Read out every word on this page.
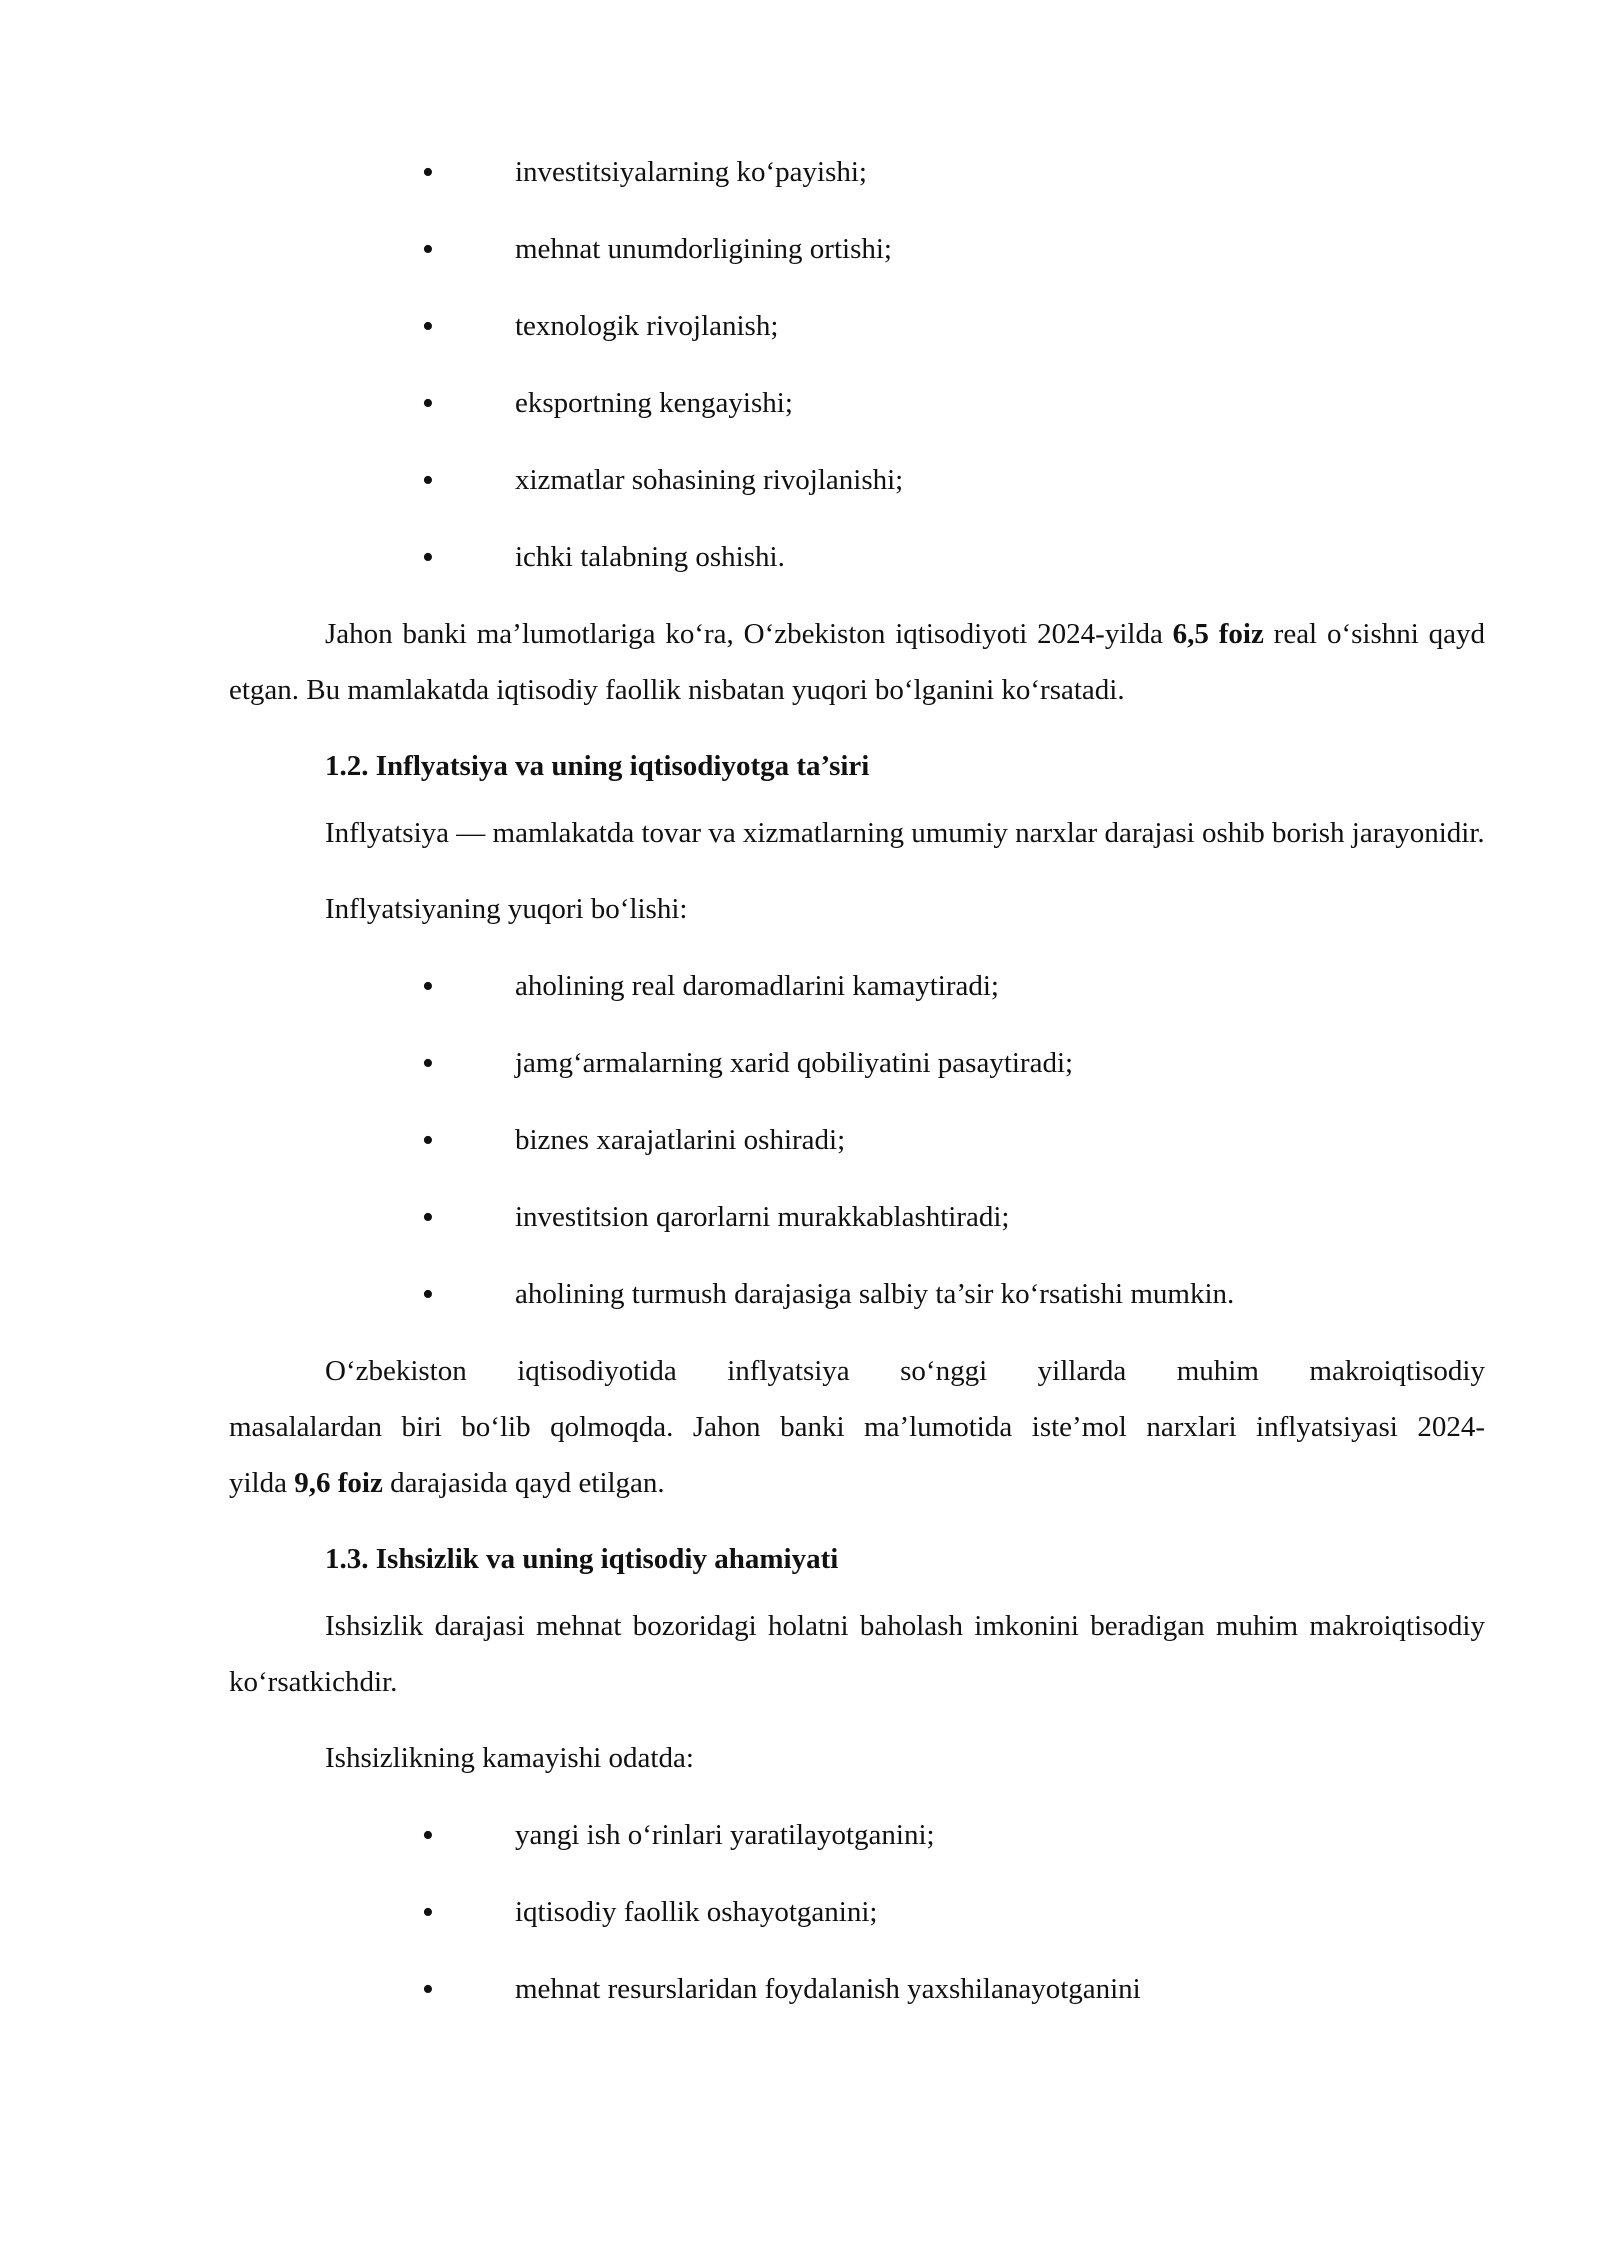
•	investitsiyalarning ko‘payishi;
•	mehnat unumdorligining ortishi;
•	texnologik rivojlanish;
•	eksportning kengayishi;
•	xizmatlar sohasining rivojlanishi;
•	ichki talabning oshishi.

Jahon banki ma’lumotlariga ko‘ra, O‘zbekiston iqtisodiyoti 2024-yilda 6,5 foiz real o‘sishni qayd etgan. Bu mamlakatda iqtisodiy faollik nisbatan yuqori bo‘lganini ko‘rsatadi.

1.2. Inflyatsiya va uning iqtisodiyotga ta’siri

Inflyatsiya — mamlakatda tovar va xizmatlarning umumiy narxlar darajasi oshib borish jarayonidir.

Inflyatsiyaning yuqori bo‘lishi:

•	aholining real daromadlarini kamaytiradi;
•	jamg‘armalarning xarid qobiliyatini pasaytiradi;
•	biznes xarajatlarini oshiradi;
•	investitsion qarorlarni murakkablashtiradi;
•	aholining turmush darajasiga salbiy ta’sir ko‘rsatishi mumkin.

O‘zbekiston iqtisodiyotida inflyatsiya so‘nggi yillarda muhim makroiqtisodiy
masalalardan biri bo‘lib qolmoqda. Jahon banki ma’lumotida iste’mol narxlari inflyatsiyasi 2024-
yilda 9,6 foiz darajasida qayd etilgan.

1.3. Ishsizlik va uning iqtisodiy ahamiyati

Ishsizlik darajasi mehnat bozoridagi holatni baholash imkonini beradigan muhim makroiqtisodiy ko‘rsatkichdir.

Ishsizlikning kamayishi odatda:

•	yangi ish o‘rinlari yaratilayotganini;
•	iqtisodiy faollik oshayotganini;
•	mehnat resurslaridan foydalanish yaxshilanayotganini
